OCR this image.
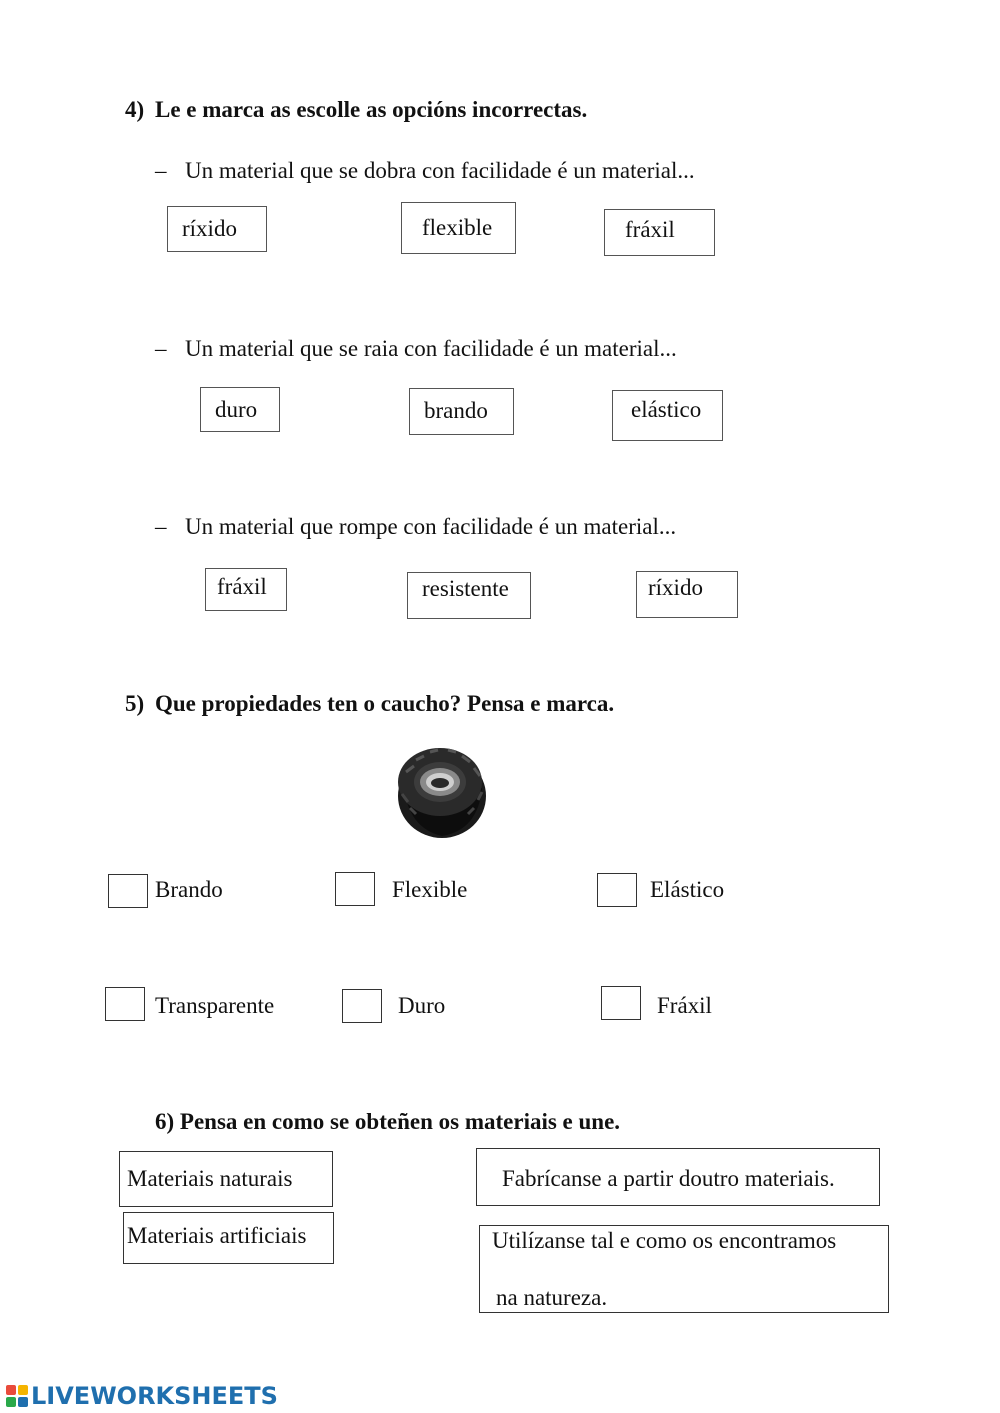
4) Le e marca as escolle as opcións incorrectas.
– Un material que se dobra con facilidade é un material...
ríxido	flexible	fráxil
– Un material que se raia con facilidade é un material...
duro	brando	elástico
– Un material que rompe con facilidade é un material...
fráxil	resistente	ríxido
5) Que propiedades ten o caucho? Pensa e marca.
Brando	Flexible	Elástico
Transparente	Duro	Fráxil
6) Pensa en como se obteñen os materiais e une.
Materiais naturais
Materiais artificiais
Fabrícanse a partir doutro materiais.
Utilízanse tal e como os encontramos
na natureza.
LIVEWORKSHEETS
